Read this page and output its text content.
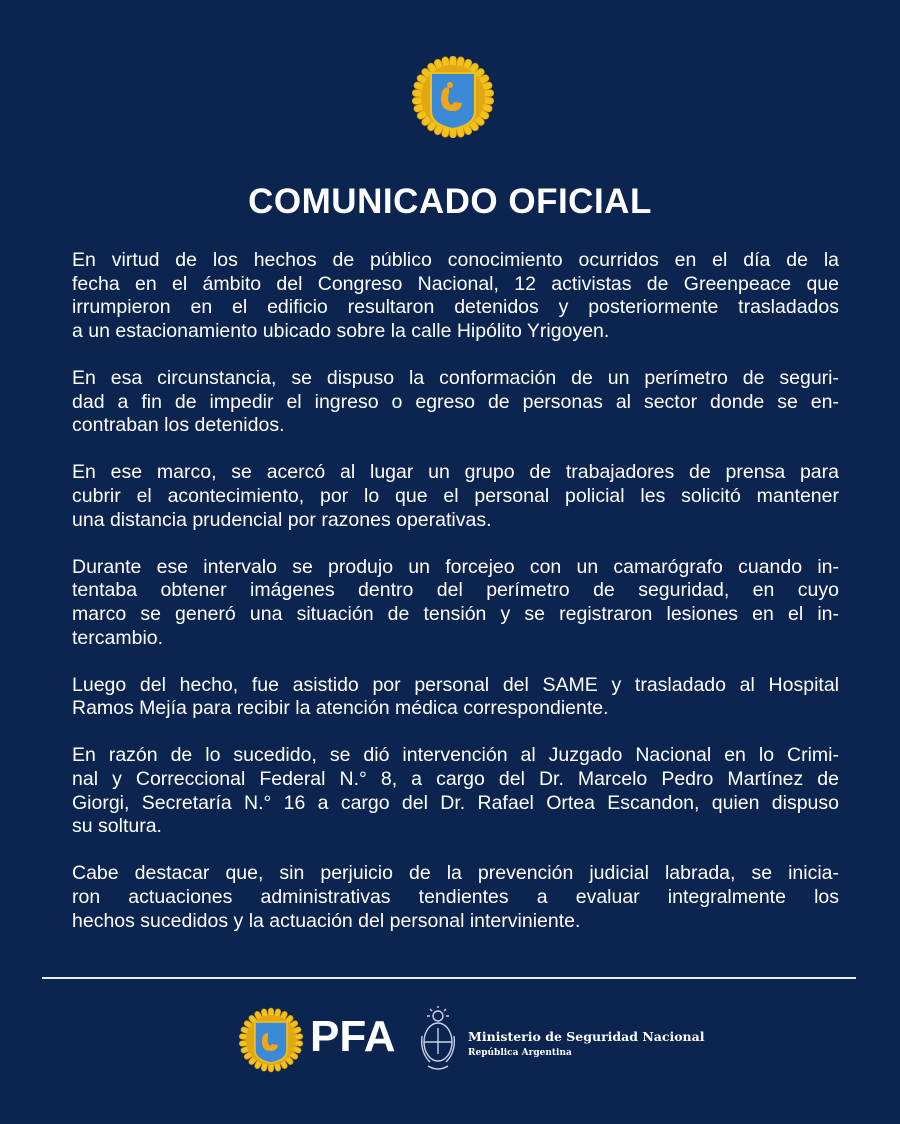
COMUNICADO OFICIAL
En virtud de los hechos de público conocimiento ocurridos en el día de la
fecha en el ámbito del Congreso Nacional, 12 activistas de Greenpeace que
irrumpieron en el edificio resultaron detenidos y posteriormente trasladados
a un estacionamiento ubicado sobre la calle Hipólito Yrigoyen.
En esa circunstancia, se dispuso la conformación de un perímetro de seguri-
dad a fin de impedir el ingreso o egreso de personas al sector donde se en-
contraban los detenidos.
En ese marco, se acercó al lugar un grupo de trabajadores de prensa para
cubrir el acontecimiento, por lo que el personal policial les solicitó mantener
una distancia prudencial por razones operativas.
Durante ese intervalo se produjo un forcejeo con un camarógrafo cuando in-
tentaba obtener imágenes dentro del perímetro de seguridad, en cuyo
marco se generó una situación de tensión y se registraron lesiones en el in-
tercambio.
Luego del hecho, fue asistido por personal del SAME y trasladado al Hospital
Ramos Mejía para recibir la atención médica correspondiente.
En razón de lo sucedido, se dió intervención al Juzgado Nacional en lo Crimi-
nal y Correccional Federal N.° 8, a cargo del Dr. Marcelo Pedro Martínez de
Giorgi, Secretaría N.° 16 a cargo del Dr. Rafael Ortea Escandon, quien dispuso
su soltura.
Cabe destacar que, sin perjuicio de la prevención judicial labrada, se inicia-
ron actuaciones administrativas tendientes a evaluar integralmente los
hechos sucedidos y la actuación del personal interviniente.
PFA	Ministerio de Seguridad Nacional
República Argentina
